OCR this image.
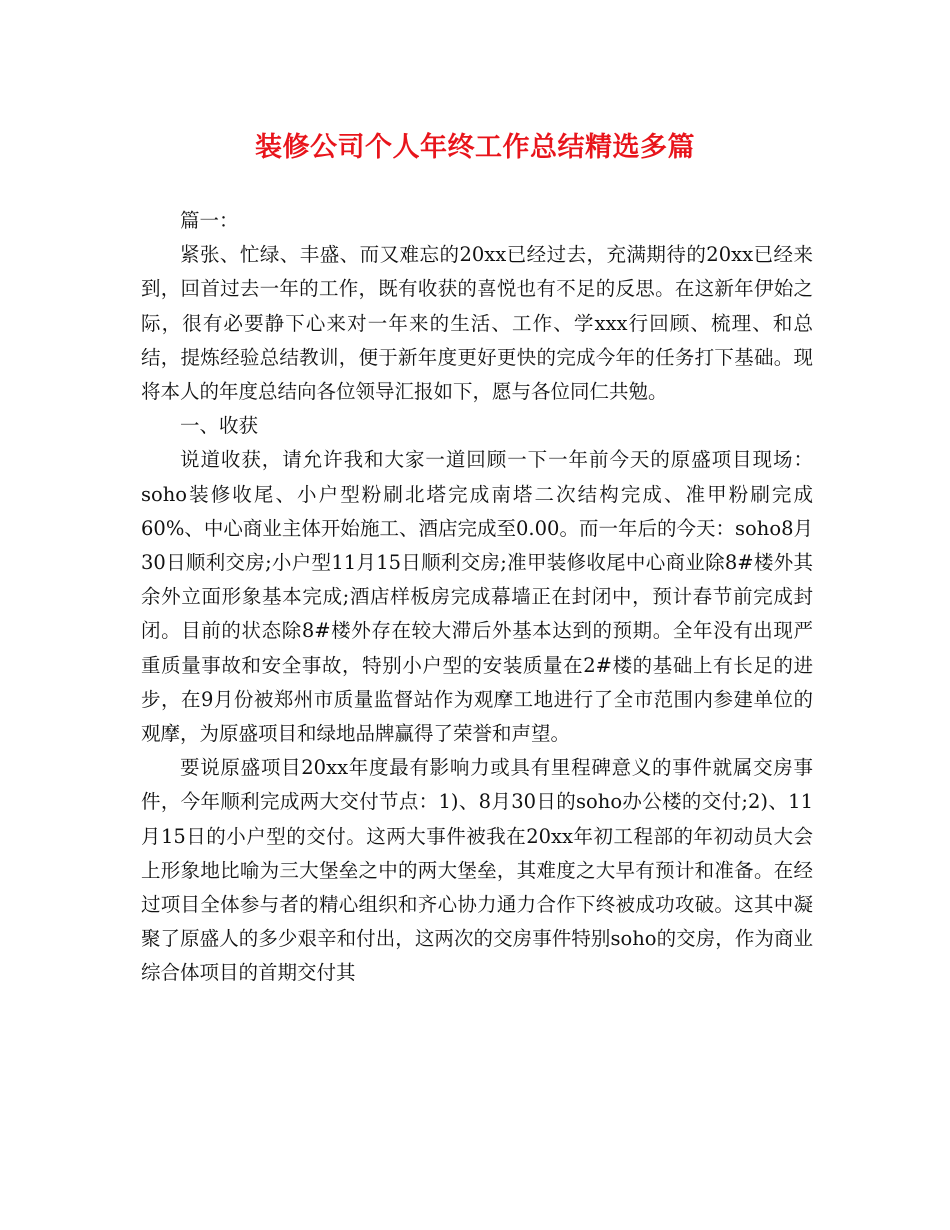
装修公司个人年终工作总结精选多篇

篇一：

紧张、忙绿、丰盛、而又难忘的20xx已经过去，充满期待的20xx已经来到，回首过去一年的工作，既有收获的喜悦也有不足的反思。在这新年伊始之际，很有必要静下心来对一年来的生活、工作、学xxx行回顾、梳理、和总结，提炼经验总结教训，便于新年度更好更快的完成今年的任务打下基础。现将本人的年度总结向各位领导汇报如下，愿与各位同仁共勉。

一、收获

说道收获，请允许我和大家一道回顾一下一年前今天的原盛项目现场：soho装修收尾、小户型粉刷北塔完成南塔二次结构完成、准甲粉刷完成60%、中心商业主体开始施工、酒店完成至0.00。而一年后的今天：soho8月30日顺利交房;小户型11月15日顺利交房;准甲装修收尾中心商业除8#楼外其余外立面形象基本完成;酒店样板房完成幕墙正在封闭中，预计春节前完成封闭。目前的状态除8#楼外存在较大滞后外基本达到的预期。全年没有出现严重质量事故和安全事故，特别小户型的安装质量在2#楼的基础上有长足的进步，在9月份被郑州市质量监督站作为观摩工地进行了全市范围内参建单位的观摩，为原盛项目和绿地品牌赢得了荣誉和声望。

要说原盛项目20xx年度最有影响力或具有里程碑意义的事件就属交房事件，今年顺利完成两大交付节点：1)、8月30日的soho办公楼的交付;2)、11月15日的小户型的交付。这两大事件被我在20xx年初工程部的年初动员大会上形象地比喻为三大堡垒之中的两大堡垒，其难度之大早有预计和准备。在经过项目全体参与者的精心组织和齐心协力通力合作下终被成功攻破。这其中凝聚了原盛人的多少艰辛和付出，这两次的交房事件特别soho的交房，作为商业综合体项目的首期交付其
